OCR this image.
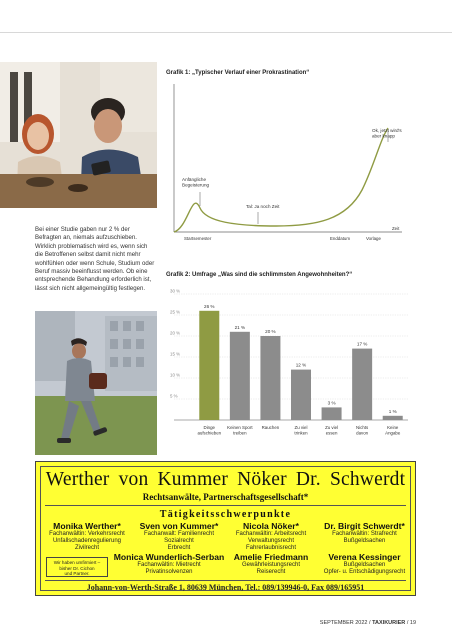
Bei einer Studie gaben nur 2 % der Befragten an, niemals aufzuschieben. Wirklich problematisch wird es, wenn sich die Betroffenen selbst damit nicht mehr wohlfühlen oder wenn Schule, Studium oder Beruf massiv beeinflusst werden. Ob eine entsprechende Behandlung erforderlich ist, lässt sich nicht allgemeingültig festlegen.
Grafik 1: „Typischer Verlauf einer Prokrastination“
Anfängliche Begeisterung
Tal: Ja noch Zeit
Ok, jetzt wird's aber knapp
Startsemester	Enddatum	Vorlage
Zeit
Grafik 2: Umfrage „Was sind die schlimmsten Angewohnheiten?“
30 %
25 %
20 %
15 %
10 %
5 %
26 %
Dinge aufschieben
21 %
Keinen Sport treiben
20 %
Rauchen
12 %
Zu viel trinken
3 %
Zu viel essen
17 %
Nichts davon
1 %
Keine Angabe
Werther von Kummer Nöker Dr. Schwerdt
Rechtsanwälte, Partnerschaftsgesellschaft*
Tätigkeitsschwerpunkte
Monika Werther*
Fachanwältin: Verkehrsrecht
Unfallschadenregulierung
Zivilrecht
Sven von Kummer*
Fachanwalt: Familienrecht
Sozialrecht
Erbrecht
Nicola Nöker*
Fachanwältin: Arbeitsrecht
Verwaltungsrecht
Fahrerlaubnisrecht
Dr. Birgit Schwerdt*
Fachanwältin: Strafrecht
Bußgeldsachen
Wir haben umfirmiert –
bisher Dr. Cichon
und Partner.
Monica Wunderlich-Serban
Fachanwältin: Mietrecht
Privatinsolvenzen
Amelie Friedmann
Gewährleistungsrecht
Reiserecht
Verena Kessinger
Bußgeldsachen
Opfer- u. Entschädigungsrecht
Johann-von-Werth-Straße 1, 80639 München, Tel.: 089/139946-0, Fax 089/165951
SEPTEMBER 2022 / TAXIKURIER / 19
